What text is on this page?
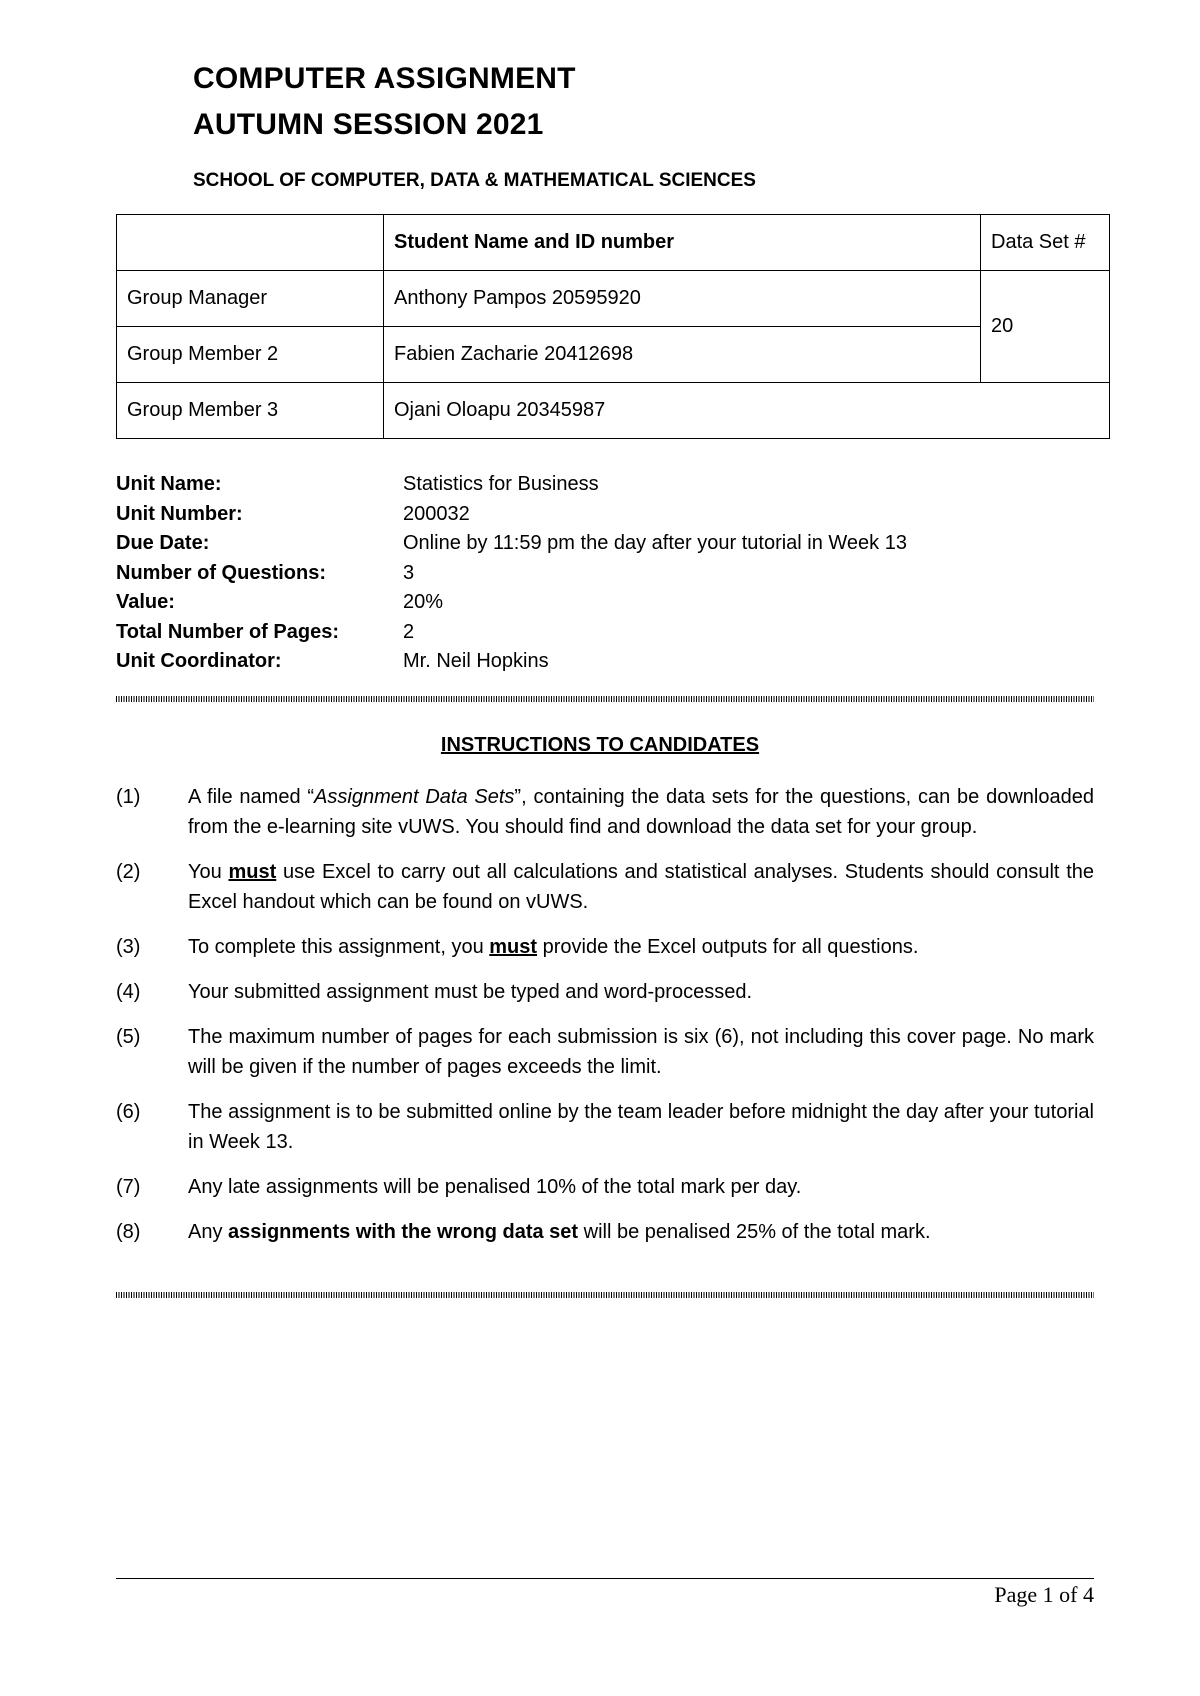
COMPUTER ASSIGNMENT
AUTUMN SESSION 2021
SCHOOL OF COMPUTER, DATA & MATHEMATICAL SCIENCES
	Student Name and ID number	Data Set #
Group Manager	Anthony Pampos 20595920	20
Group Member 2	Fabien Zacharie 20412698	
Group Member 3	Ojani Oloapu 20345987	
Unit Name:	Statistics for Business
Unit Number:	200032
Due Date:	Online by 11:59 pm the day after your tutorial in Week 13
Number of Questions:	3
Value:	20%
Total Number of Pages:	2
Unit Coordinator:	Mr. Neil Hopkins
INSTRUCTIONS TO CANDIDATES
(1)	A file named “Assignment Data Sets”, containing the data sets for the questions, can be downloaded from the e-learning site vUWS. You should find and download the data set for your group.
(2)	You must use Excel to carry out all calculations and statistical analyses. Students should consult the Excel handout which can be found on vUWS.
(3)	To complete this assignment, you must provide the Excel outputs for all questions.
(4)	Your submitted assignment must be typed and word-processed.
(5)	The maximum number of pages for each submission is six (6), not including this cover page. No mark will be given if the number of pages exceeds the limit.
(6)	The assignment is to be submitted online by the team leader before midnight the day after your tutorial in Week 13.
(7)	Any late assignments will be penalised 10% of the total mark per day.
(8)	Any assignments with the wrong data set will be penalised 25% of the total mark.
Page 1 of 4
